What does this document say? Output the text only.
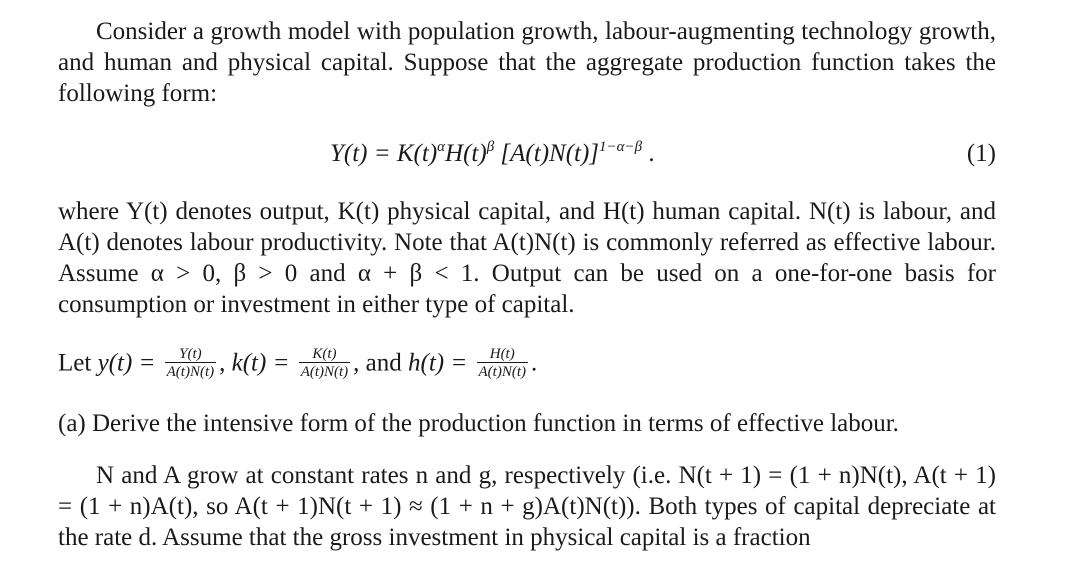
Consider a growth model with population growth, labour-augmenting technology growth, and human and physical capital. Suppose that the aggregate production function takes the following form:

$Y(t) = K(t)^\alpha H(t)^\beta$ $[A(t)N(t)]^{1-\alpha-\beta}$ .	(1)

where Y(t) denotes output, K(t) physical capital, and H(t) human capital. N(t) is labour, and A(t) denotes labour productivity. Note that A(t)N(t) is commonly referred as effective labour. Assume α > 0, β > 0 and α + β < 1. Output can be used on a one-for-one basis for consumption or investment in either type of capital.

Let $y(t) = \frac{Y(t)}{A(t)N(t)}$ , $k(t) = \frac{K(t)}{A(t)N(t)}$ , and $h(t) = \frac{H(t)}{A(t)N(t)}$ .
(a) Derive the intensive form of the production function in terms of effective labour.

N and A grow at constant rates n and g, respectively (i.e. N(t + 1) = (1 + n)N(t), A(t + 1) = (1 + n)A(t), so A(t + 1)N(t + 1) ≈ (1 + n + g)A(t)N(t)). Both types of capital depreciate at the rate d. Assume that the gross investment in physical capital is a fraction
